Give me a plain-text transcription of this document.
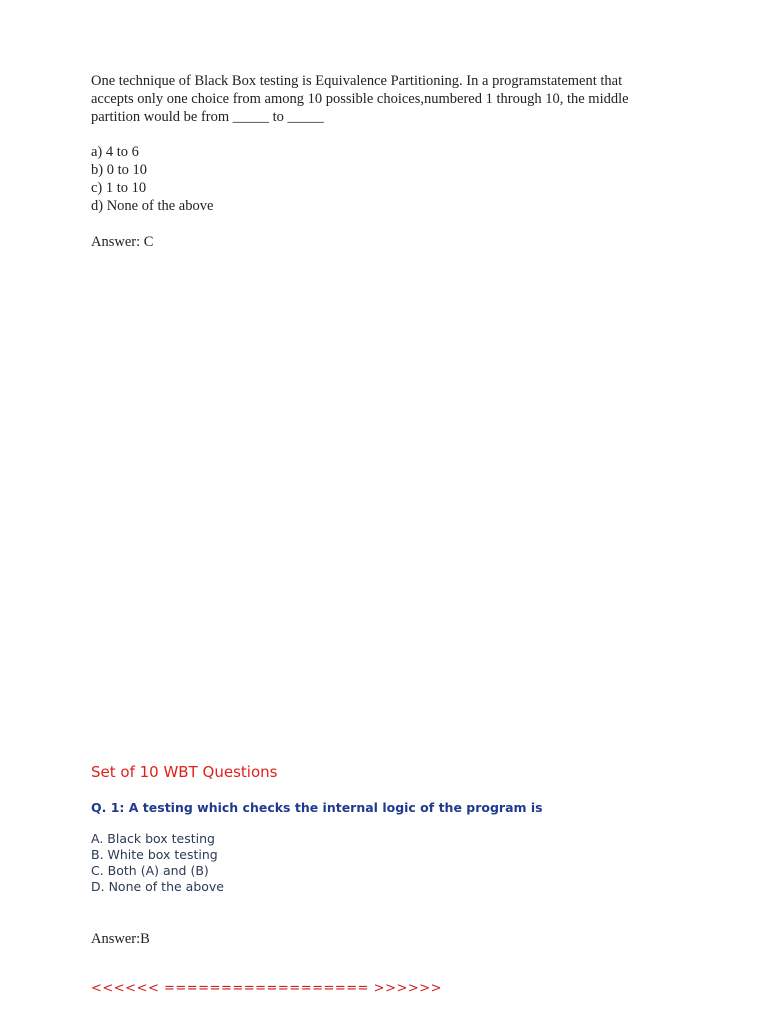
One technique of Black Box testing is Equivalence Partitioning. In a programstatement that
accepts only one choice from among 10 possible choices,numbered 1 through 10, the middle
partition would be from _____ to _____
a) 4 to 6
b) 0 to 10
c) 1 to 10
d) None of the above
Answer: C
Set of 10 WBT Questions
Q. 1: A testing which checks the internal logic of the program is
A. Black box testing
B. White box testing
C. Both (A) and (B)
D. None of the above
Answer:B
<<<<<< ================== >>>>>>
